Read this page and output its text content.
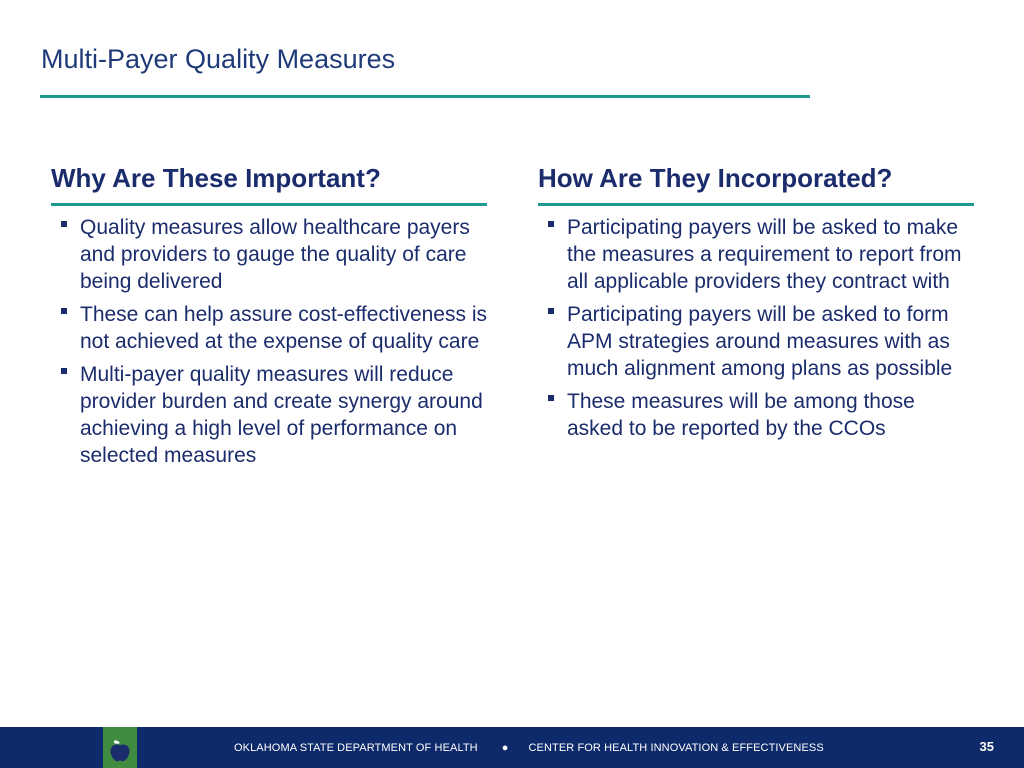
Multi-Payer Quality Measures
Why Are These Important?
Quality measures allow healthcare payers and providers to gauge the quality of care being delivered
These can help assure cost-effectiveness is not achieved at the expense of quality care
Multi-payer quality measures will reduce provider burden and create synergy around achieving a high level of performance on selected measures
How Are They Incorporated?
Participating payers will be asked to make the measures a requirement to report from all applicable providers they contract with
Participating payers will be asked to form APM strategies around measures with as much alignment among plans as possible
These measures will be among those asked to be reported by the CCOs
OKLAHOMA STATE DEPARTMENT OF HEALTH ● CENTER FOR HEALTH INNOVATION & EFFECTIVENESS	35
